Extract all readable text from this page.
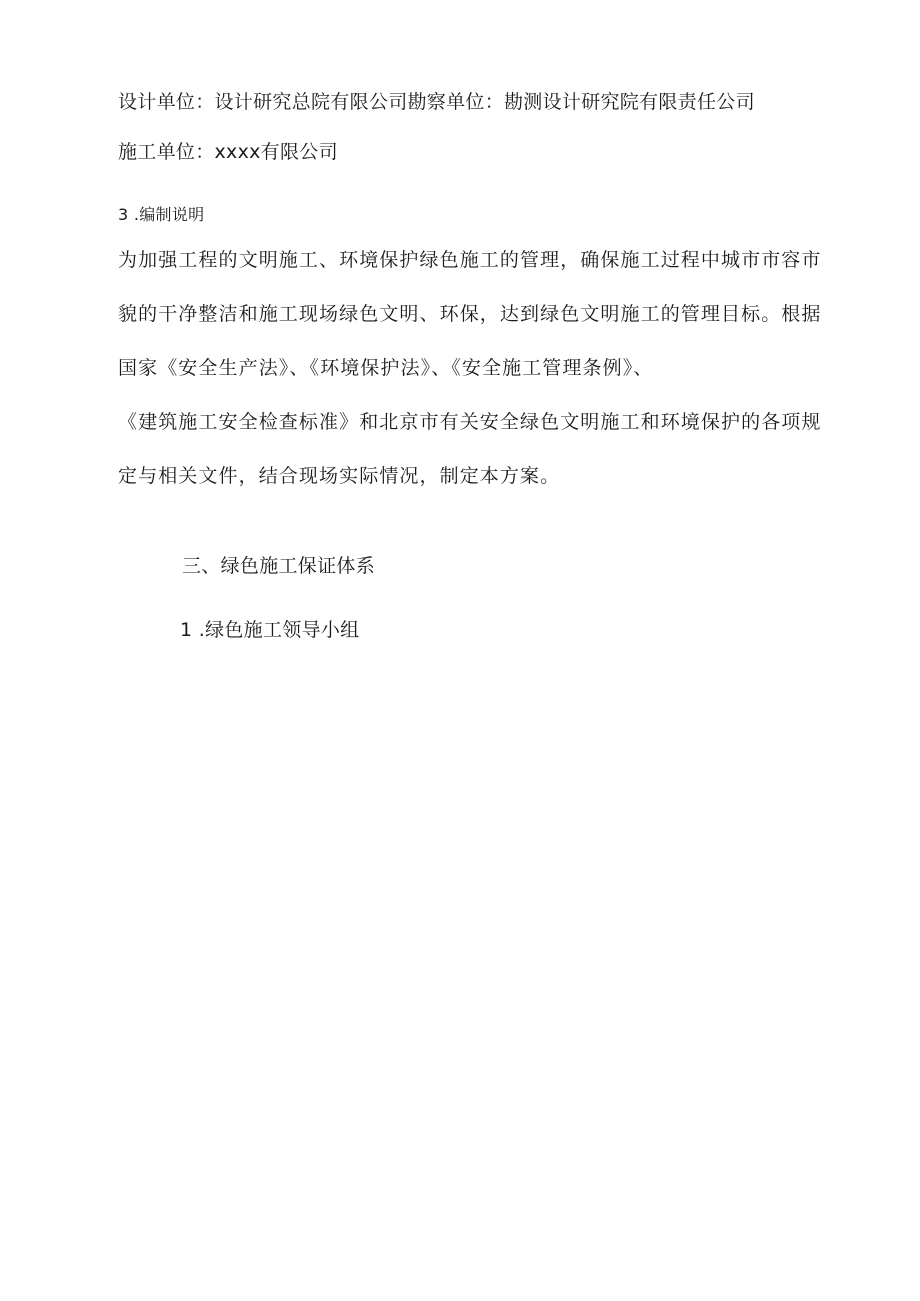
设计单位：设计研究总院有限公司勘察单位：勘测设计研究院有限责任公司
施工单位：xxxx有限公司
3 .编制说明
为加强工程的文明施工、环境保护绿色施工的管理，确保施工过程中城市市容市
貌的干净整洁和施工现场绿色文明、环保，达到绿色文明施工的管理目标。根据
国家《安全生产法》、《环境保护法》、《安全施工管理条例》、
《建筑施工安全检查标准》和北京市有关安全绿色文明施工和环境保护的各项规
定与相关文件，结合现场实际情况，制定本方案。
三、绿色施工保证体系
1 .绿色施工领导小组
